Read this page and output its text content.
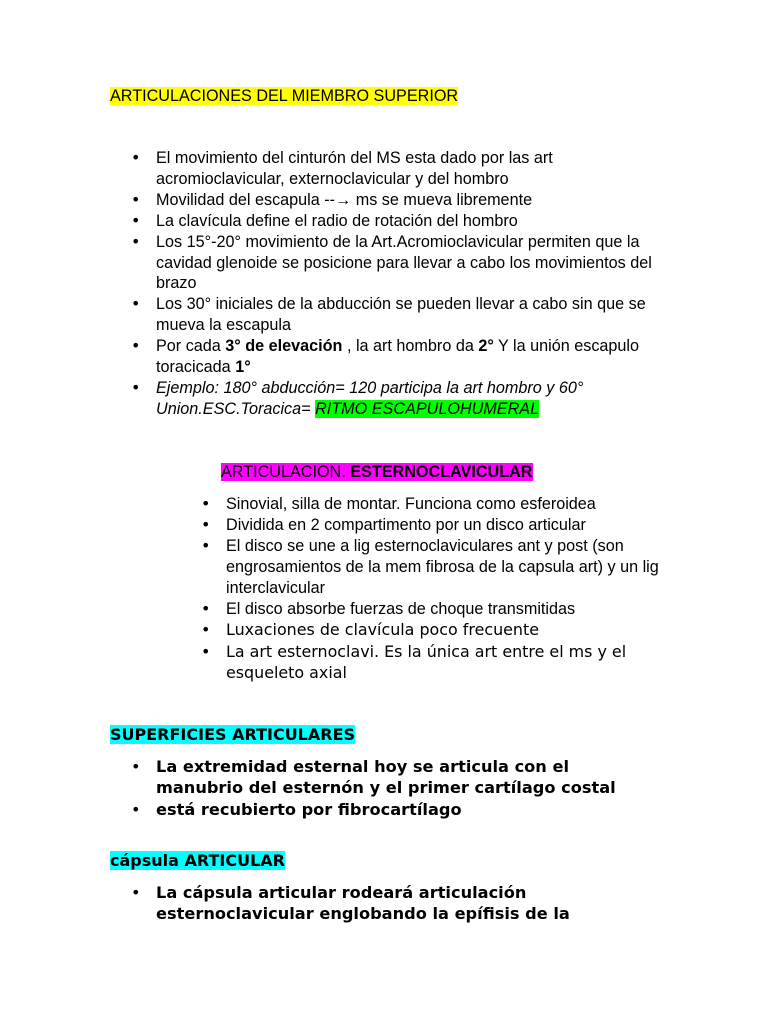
ARTICULACIONES DEL MIEMBRO SUPERIOR
• El movimiento del cinturón del MS esta dado por las art acromioclavicular, externoclavicular y del hombro
• Movilidad del escapula --→ ms se mueva libremente
• La clavícula define el radio de rotación del hombro
• Los 15°-20° movimiento de la Art.Acromioclavicular permiten que la cavidad glenoide se posicione para llevar a cabo los movimientos del brazo
• Los 30° iniciales de la abducción se pueden llevar a cabo sin que se mueva la escapula
• Por cada 3° de elevación , la art hombro da 2° Y la unión escapulo toracicada 1°
• Ejemplo: 180° abducción= 120 participa la art hombro y 60° Union.ESC.Toracica= RITMO ESCAPULOHUMERAL
ARTICULACION. ESTERNOCLAVICULAR
• Sinovial, silla de montar. Funciona como esferoidea
• Dividida en 2 compartimento por un disco articular
• El disco se une a lig esternoclaviculares ant y post (son engrosamientos de la mem fibrosa de la capsula art) y un lig interclavicular
• El disco absorbe fuerzas de choque transmitidas
• Luxaciones de clavícula poco frecuente
• La art esternoclavi. Es la única art entre el ms y el esqueleto axial
SUPERFICIES ARTICULARES
• La extremidad esternal hoy se articula con el manubrio del esternón y el primer cartílago costal
• está recubierto por fibrocartílago
cápsula ARTICULAR
• La cápsula articular rodeará articulación esternoclavicular englobando la epífisis de la
